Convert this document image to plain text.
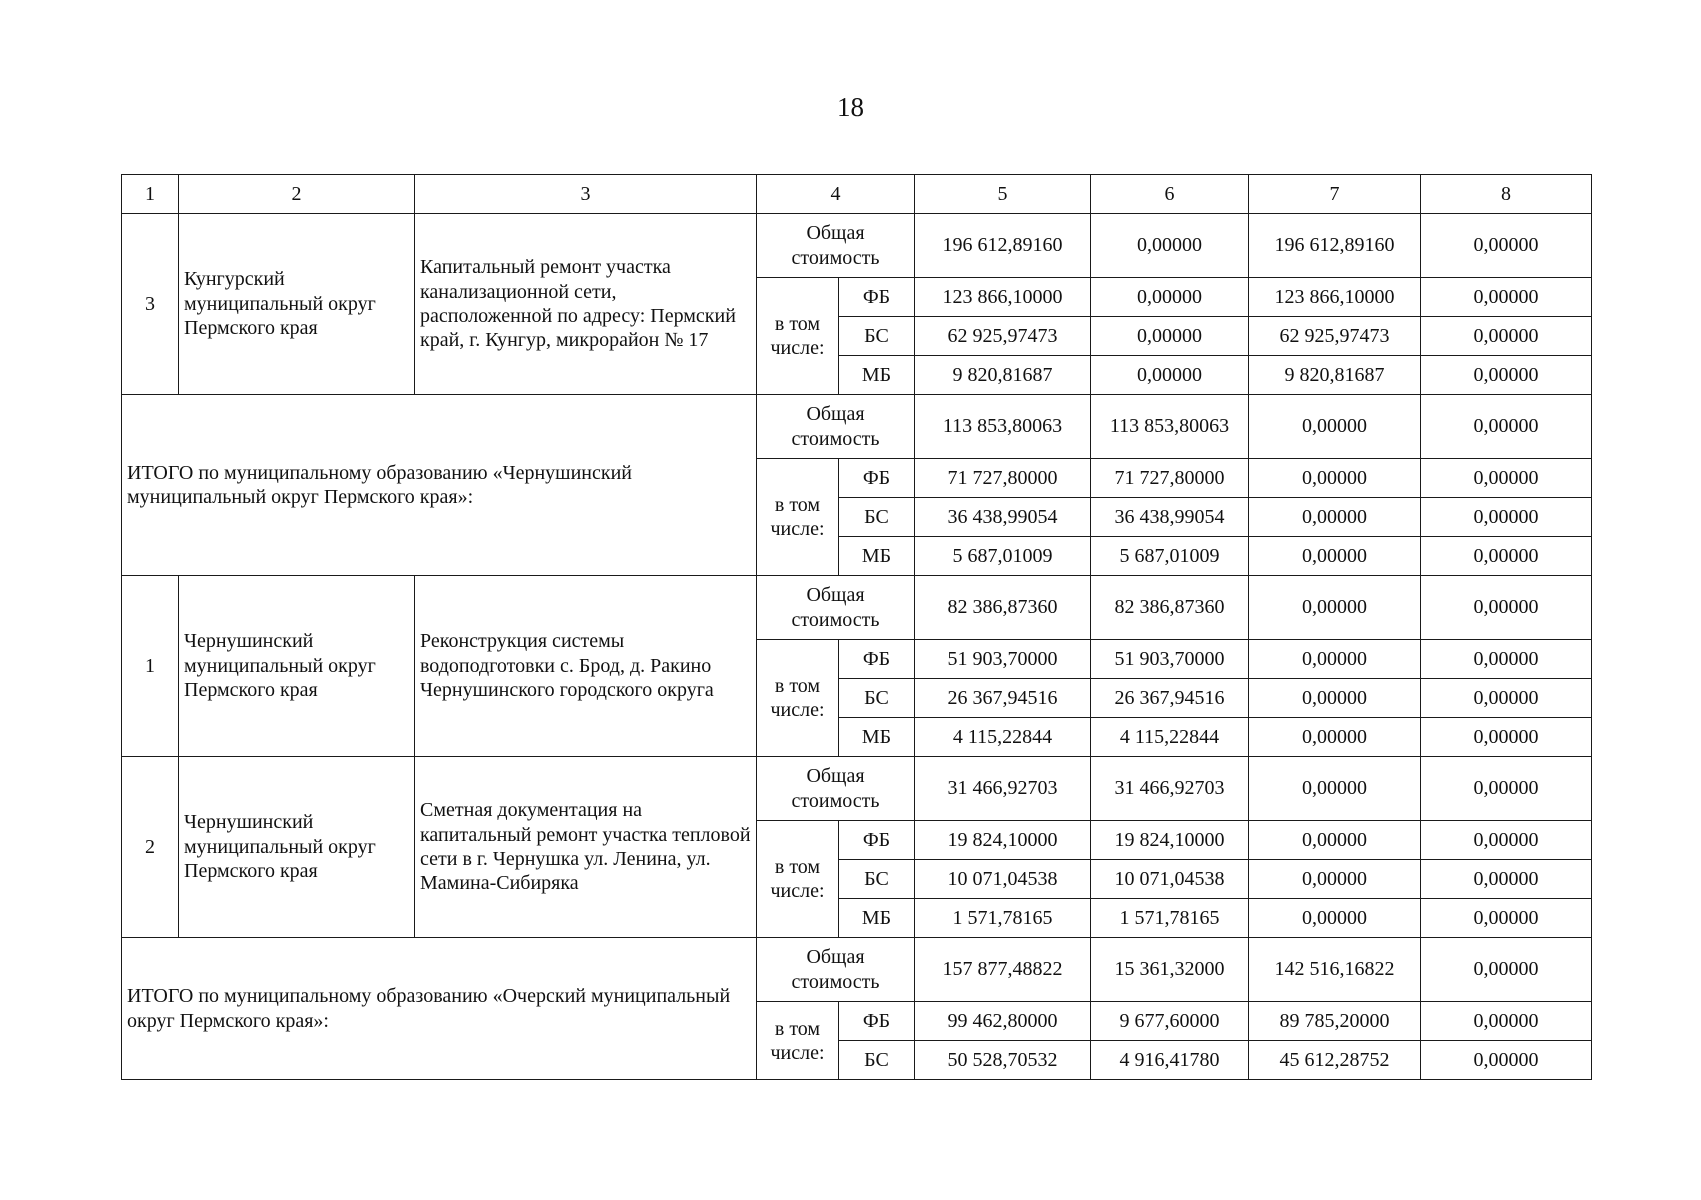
18
1	2	3	4		5	6	7	8
3	Кунгурский муниципальный округ Пермского края	Капитальный ремонт участка канализационной сети, расположенной по адресу: Пермский край, г. Кунгур, микрорайон № 17	Общая стоимость		196 612,89160	0,00000	196 612,89160	0,00000
			в том числе:	ФБ	123 866,10000	0,00000	123 866,10000	0,00000
				БС	62 925,97473	0,00000	62 925,97473	0,00000
				МБ	9 820,81687	0,00000	9 820,81687	0,00000
ИТОГО по муниципальному образованию «Чернушинский муниципальный округ Пермского края»:			Общая стоимость		113 853,80063	113 853,80063	0,00000	0,00000
			в том числе:	ФБ	71 727,80000	71 727,80000	0,00000	0,00000
				БС	36 438,99054	36 438,99054	0,00000	0,00000
				МБ	5 687,01009	5 687,01009	0,00000	0,00000
1	Чернушинский муниципальный округ Пермского края	Реконструкция системы водоподготовки с. Брод, д. Ракино Чернушинского городского округа	Общая стоимость		82 386,87360	82 386,87360	0,00000	0,00000
			в том числе:	ФБ	51 903,70000	51 903,70000	0,00000	0,00000
				БС	26 367,94516	26 367,94516	0,00000	0,00000
				МБ	4 115,22844	4 115,22844	0,00000	0,00000
2	Чернушинский муниципальный округ Пермского края	Сметная документация на капитальный ремонт участка тепловой сети в г. Чернушка ул. Ленина, ул. Мамина-Сибиряка	Общая стоимость		31 466,92703	31 466,92703	0,00000	0,00000
			в том числе:	ФБ	19 824,10000	19 824,10000	0,00000	0,00000
				БС	10 071,04538	10 071,04538	0,00000	0,00000
				МБ	1 571,78165	1 571,78165	0,00000	0,00000
ИТОГО по муниципальному образованию «Очерский муниципальный округ Пермского края»:			Общая стоимость		157 877,48822	15 361,32000	142 516,16822	0,00000
			в том числе:	ФБ	99 462,80000	9 677,60000	89 785,20000	0,00000
				БС	50 528,70532	4 916,41780	45 612,28752	0,00000
